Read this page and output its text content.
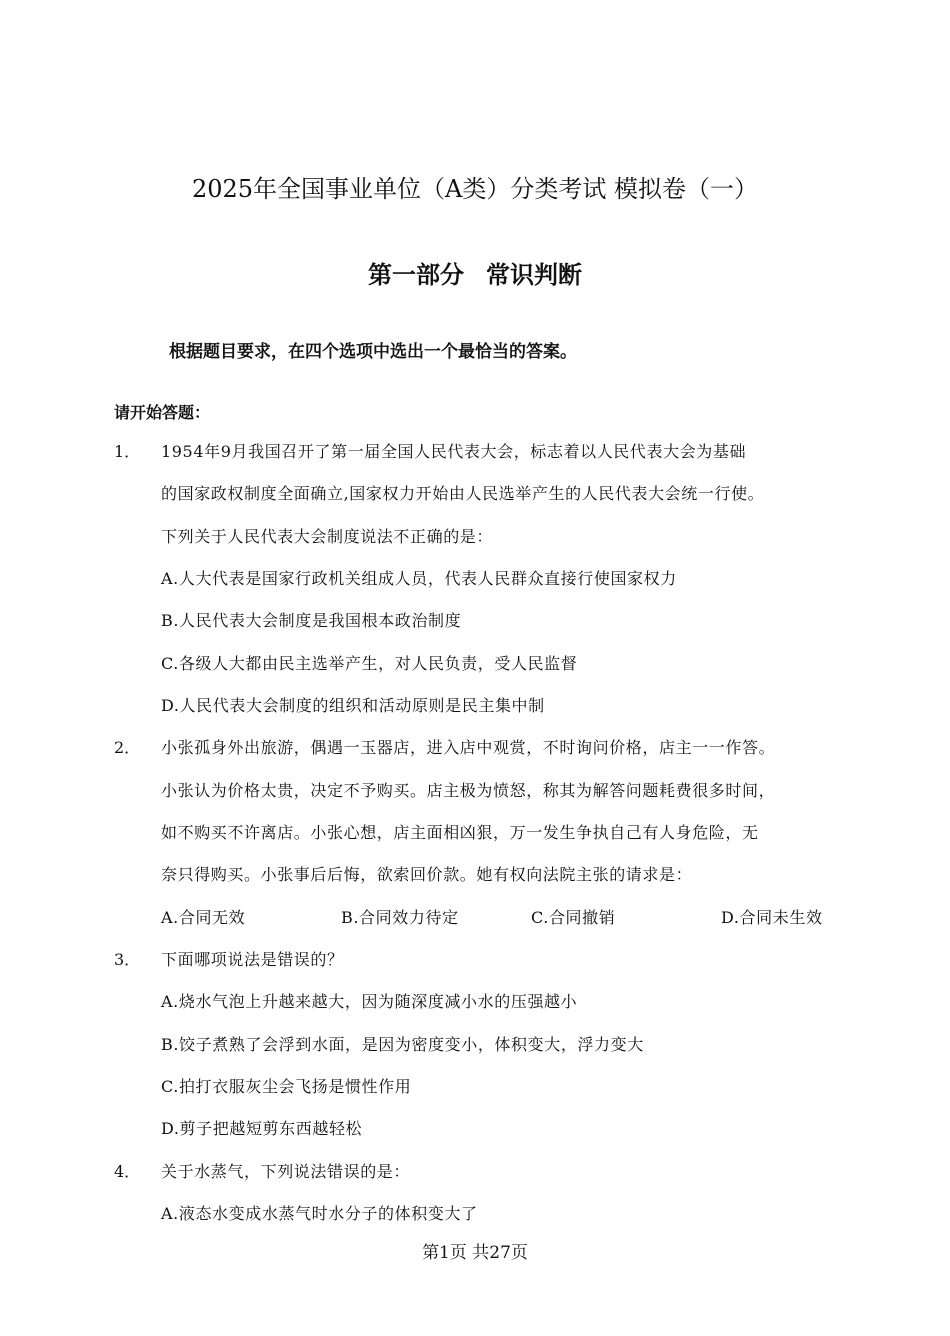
2025年全国事业单位（A类）分类考试 模拟卷（一）
第一部分 常识判断
根据题目要求，在四个选项中选出一个最恰当的答案。
请开始答题：
1． 1954年9月我国召开了第一届全国人民代表大会，标志着以人民代表大会为基础
的国家政权制度全面确立,国家权力开始由人民选举产生的人民代表大会统一行使。
下列关于人民代表大会制度说法不正确的是：
A.人大代表是国家行政机关组成人员，代表人民群众直接行使国家权力
B.人民代表大会制度是我国根本政治制度
C.各级人大都由民主选举产生，对人民负责，受人民监督
D.人民代表大会制度的组织和活动原则是民主集中制
2． 小张孤身外出旅游，偶遇一玉器店，进入店中观赏，不时询问价格，店主一一作答。
小张认为价格太贵，决定不予购买。店主极为愤怒，称其为解答问题耗费很多时间，
如不购买不许离店。小张心想，店主面相凶狠，万一发生争执自己有人身危险，无
奈只得购买。小张事后后悔，欲索回价款。她有权向法院主张的请求是：
A.合同无效	B.合同效力待定	C.合同撤销	D.合同未生效
3． 下面哪项说法是错误的？
A.烧水气泡上升越来越大，因为随深度减小水的压强越小
B.饺子煮熟了会浮到水面，是因为密度变小，体积变大，浮力变大
C.拍打衣服灰尘会飞扬是惯性作用
D.剪子把越短剪东西越轻松
4． 关于水蒸气，下列说法错误的是：
A.液态水变成水蒸气时水分子的体积变大了
第1页 共27页
